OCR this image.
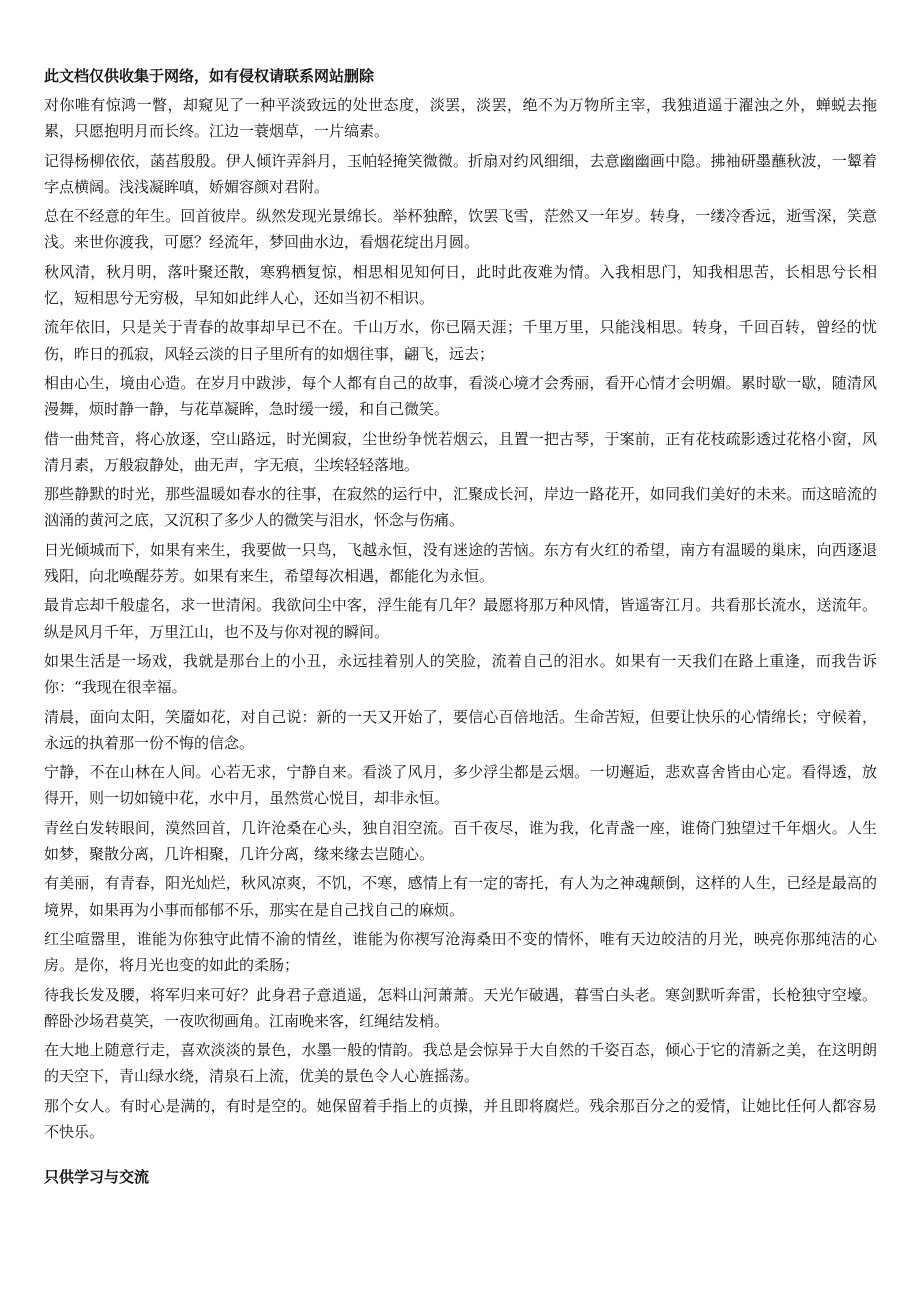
此文档仅供收集于网络，如有侵权请联系网站删除
对你唯有惊鸿一瞥，却窥见了一种平淡致远的处世态度，淡罢，淡罢，绝不为万物所主宰，我独逍遥于濯浊之外，蝉蜕去拖累，只愿抱明月而长终。江边一蓑烟草，一片缟素。
记得杨柳依依，菡萏殷殷。伊人倾许弄斜月，玉帕轻掩笑微微。折扇对约风细细，去意幽幽画中隐。拂袖研墨蘸秋波，一颦着字点横阔。浅浅凝眸嗔，娇媚容颜对君附。
总在不经意的年生。回首彼岸。纵然发现光景绵长。举杯独醉，饮罢飞雪，茫然又一年岁。转身，一缕冷香远，逝雪深，笑意浅。来世你渡我，可愿？经流年，梦回曲水边，看烟花绽出月圆。
秋风清，秋月明，落叶聚还散，寒鸦栖复惊，相思相见知何日，此时此夜难为情。入我相思门，知我相思苦，长相思兮长相忆，短相思兮无穷极，早知如此绊人心，还如当初不相识。
流年依旧，只是关于青春的故事却早已不在。千山万水，你已隔天涯；千里万里，只能浅相思。转身，千回百转，曾经的忧伤，昨日的孤寂，风轻云淡的日子里所有的如烟往事，翩飞，远去；
相由心生，境由心造。在岁月中跋涉，每个人都有自己的故事，看淡心境才会秀丽，看开心情才会明媚。累时歇一歇，随清风漫舞，烦时静一静，与花草凝眸，急时缓一缓，和自己微笑。
借一曲梵音，将心放逐，空山路远，时光阒寂，尘世纷争恍若烟云，且置一把古琴，于案前，正有花枝疏影透过花格小窗，风清月素，万般寂静处，曲无声，字无痕，尘埃轻轻落地。
那些静默的时光，那些温暖如春水的往事，在寂然的运行中，汇聚成长河，岸边一路花开，如同我们美好的未来。而这暗流的汹涌的黄河之底，又沉积了多少人的微笑与泪水，怀念与伤痛。
日光倾城而下，如果有来生，我要做一只鸟，飞越永恒，没有迷途的苦恼。东方有火红的希望，南方有温暖的巢床，向西逐退残阳，向北唤醒芬芳。如果有来生，希望每次相遇，都能化为永恒。
最肯忘却千般虚名，求一世清闲。我欲问尘中客，浮生能有几年？最愿将那万种风情，皆遥寄江月。共看那长流水，送流年。纵是风月千年，万里江山，也不及与你对视的瞬间。
如果生活是一场戏，我就是那台上的小丑，永远挂着别人的笑脸，流着自己的泪水。如果有一天我们在路上重逢，而我告诉你：“我现在很幸福。
清晨，面向太阳，笑靥如花，对自己说：新的一天又开始了，要信心百倍地活。生命苦短，但要让快乐的心情绵长；守候着，永远的执着那一份不悔的信念。
宁静，不在山林在人间。心若无求，宁静自来。看淡了风月，多少浮尘都是云烟。一切邂逅，悲欢喜舍皆由心定。看得透，放得开，则一切如镜中花，水中月，虽然赏心悦目，却非永恒。
青丝白发转眼间，漠然回首，几许沧桑在心头，独自泪空流。百千夜尽，谁为我，化青盏一座，谁倚门独望过千年烟火。人生如梦，聚散分离，几许相聚，几许分离，缘来缘去岂随心。
有美丽，有青春，阳光灿烂，秋风凉爽，不饥，不寒，感情上有一定的寄托，有人为之神魂颠倒，这样的人生，已经是最高的境界，如果再为小事而郁郁不乐，那实在是自己找自己的麻烦。
红尘喧嚣里，谁能为你独守此情不渝的情丝，谁能为你禊写沧海桑田不变的情怀，唯有天边皎洁的月光，映亮你那纯洁的心房。是你，将月光也变的如此的柔肠；
待我长发及腰，将军归来可好？此身君子意逍遥，怎料山河萧萧。天光乍破遇，暮雪白头老。寒剑默听奔雷，长枪独守空壕。醉卧沙场君莫笑，一夜吹彻画角。江南晚来客，红绳结发梢。
在大地上随意行走，喜欢淡淡的景色，水墨一般的情韵。我总是会惊异于大自然的千姿百态，倾心于它的清新之美，在这明朗的天空下，青山绿水绕，清泉石上流，优美的景色令人心旌摇荡。
那个女人。有时心是满的，有时是空的。她保留着手指上的贞操，并且即将腐烂。残余那百分之的爱情，让她比任何人都容易不快乐。
只供学习与交流
